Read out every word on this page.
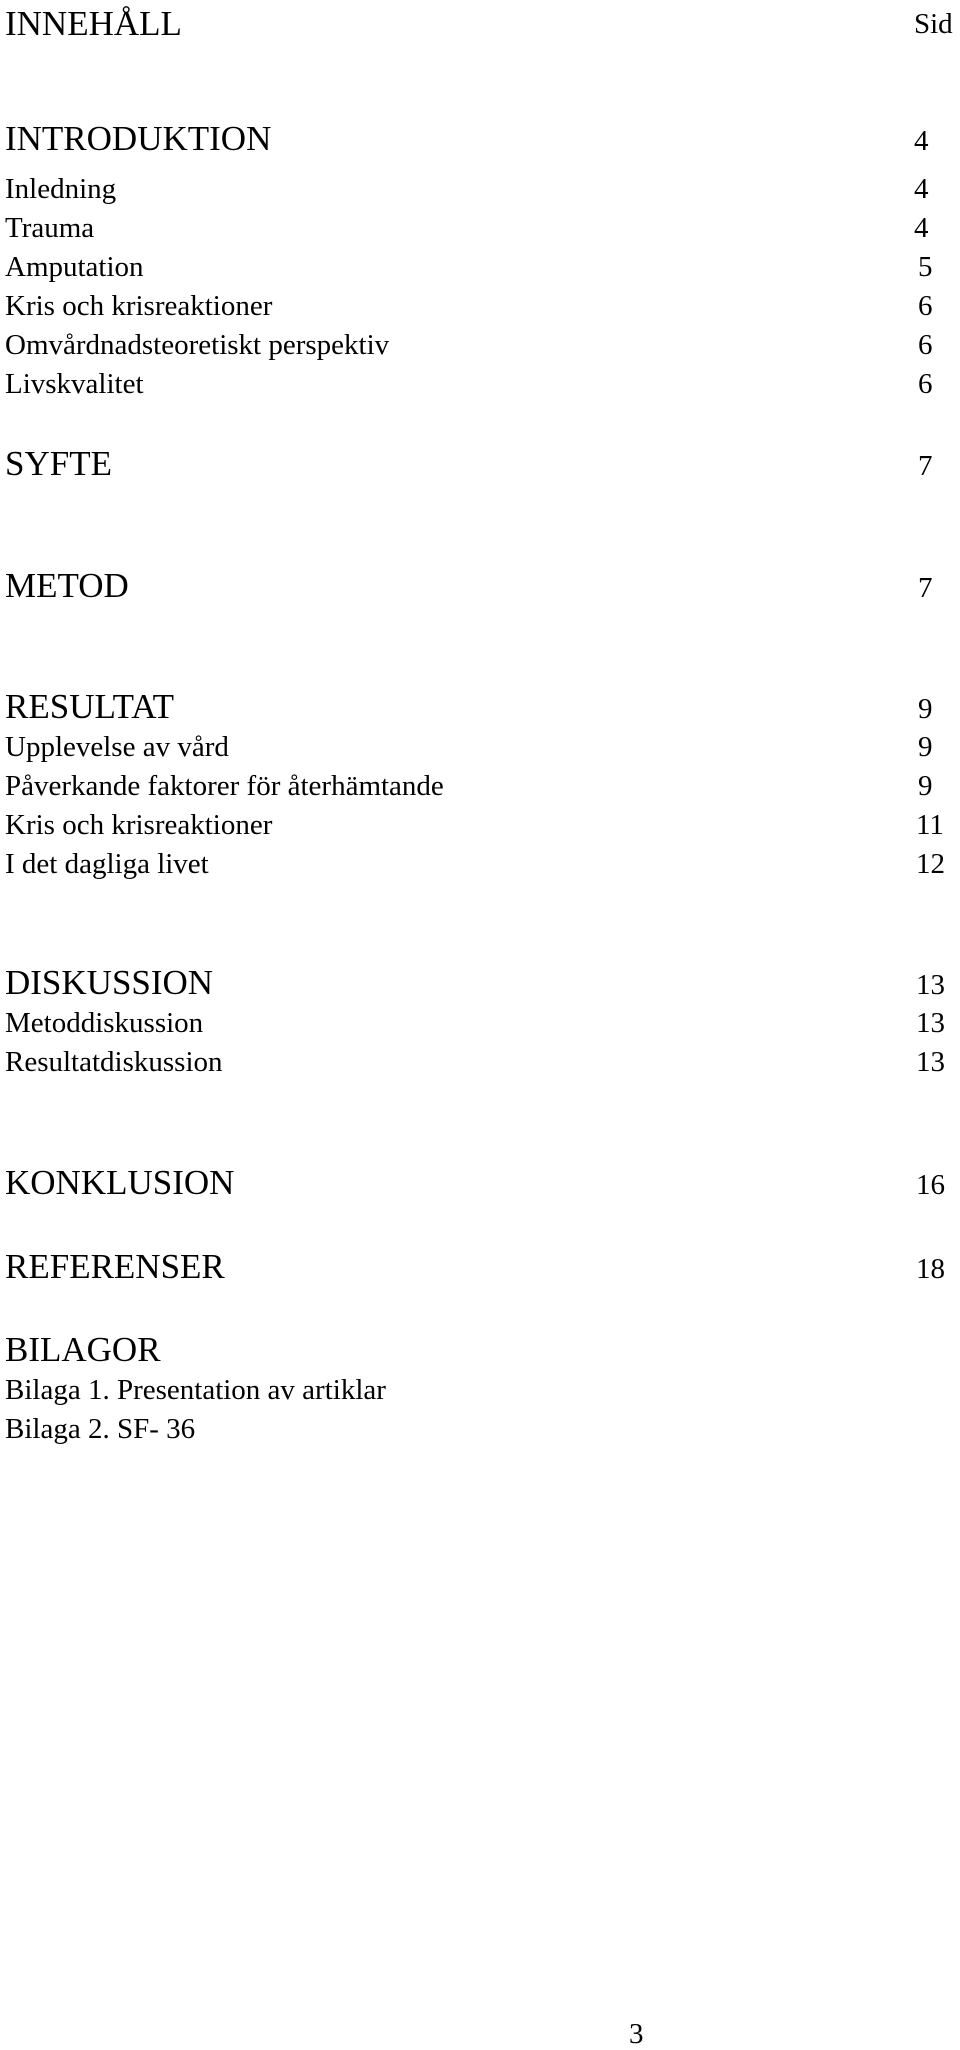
INNEHÅLL	Sid
INTRODUKTION	4
Inledning	4
Trauma	4
Amputation	5
Kris och krisreaktioner	6
Omvårdnadsteoretiskt perspektiv	6
Livskvalitet	6
SYFTE	7
METOD	7
RESULTAT	9
Upplevelse av vård	9
Påverkande faktorer för återhämtande	9
Kris och krisreaktioner	11
I det dagliga livet	12
DISKUSSION	13
Metoddiskussion	13
Resultatdiskussion	13
KONKLUSION	16
REFERENSER	18
BILAGOR
Bilaga 1. Presentation av artiklar
Bilaga 2. SF- 36
3
